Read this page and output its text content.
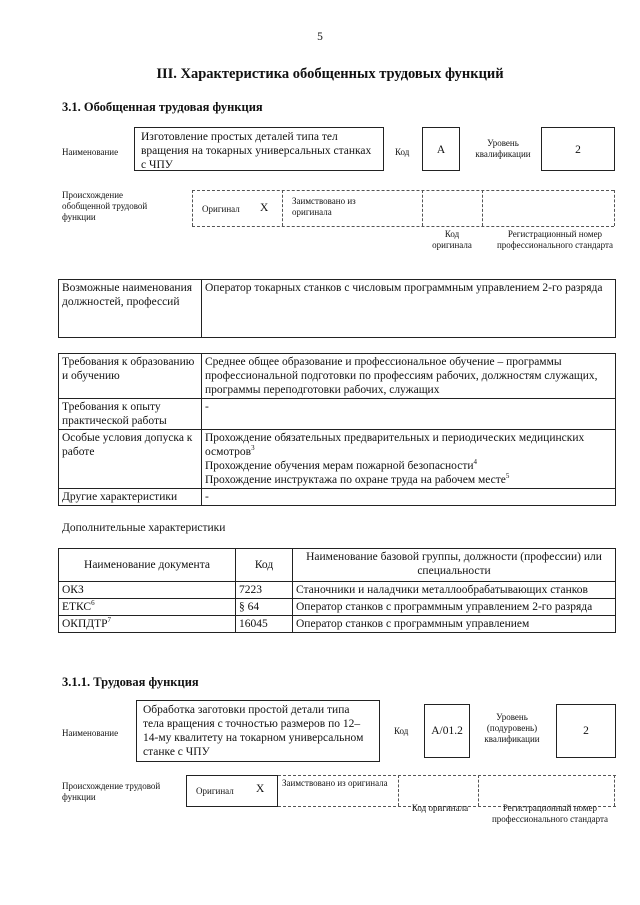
5
III. Характеристика обобщенных трудовых функций
3.1. Обобщенная трудовая функция
Наименование
Изготовление простых деталей типа тел вращения на токарных универсальных станках с ЧПУ
Код	A
Уровень квалификации	2
Происхождение обобщенной трудовой функции
Оригинал X
Заимствовано из оригинала
Код оригинала
Регистрационный номер профессионального стандарта
Возможные наименования должностей, профессий	Оператор токарных станков с числовым программным управлением 2-го разряда
Требования к образованию и обучению	Среднее общее образование и профессиональное обучение – программы профессиональной подготовки по профессиям рабочих, должностям служащих, программы переподготовки рабочих, служащих
Требования к опыту практической работы	-
Особые условия допуска к работе	Прохождение обязательных предварительных и периодических медицинских осмотров$^3$
Прохождение обучения мерам пожарной безопасности$^4$
Прохождение инструктажа по охране труда на рабочем месте$^5$

Другие характеристики	-
Дополнительные характеристики
Наименование документа	Код	Наименование базовой группы, должности (профессии) или специальности
ОКЗ	7223	Станочники и наладчики металлообрабатывающих станков
ЕТКС$^6$	§ 64	Оператор станков с программным управлением 2-го разряда
ОКПДТР$^7$	16045	Оператор станков с программным управлением
3.1.1. Трудовая функция
Наименование
Обработка заготовки простой детали типа тела вращения с точностью размеров по 12–14-му квалитету на токарном универсальном станке с ЧПУ
Код	A/01.2
Уровень (подуровень) квалификации
2
Происхождение трудовой функции
Оригинал X Заимствовано из оригинала
Код оригинала	Регистрационный номер профессионального стандарта
